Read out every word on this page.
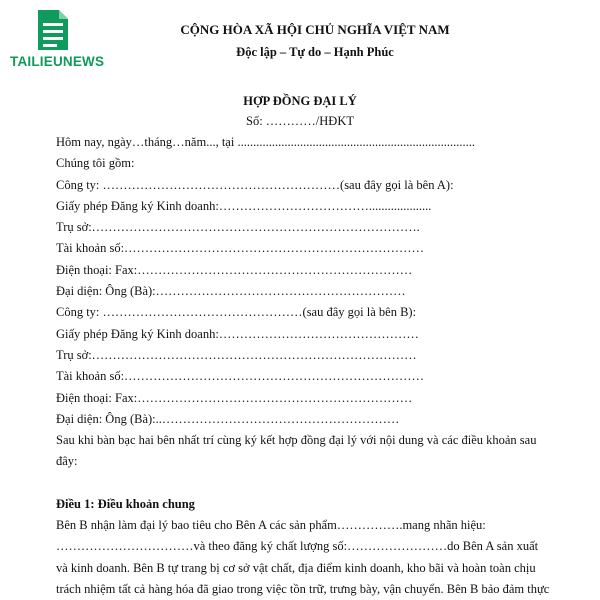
TAILIEUNEWS
CỘNG HÒA XÃ HỘI CHỦ NGHĨA VIỆT NAM
Độc lập – Tự do – Hạnh Phúc
HỢP ĐỒNG ĐẠI LÝ
Số: …………/HĐKT
Hôm nay, ngày…tháng…năm..., tại ............................................................................
Chúng tôi gồm:
Công ty: …………………………………………………(sau đây gọi là bên A):
Giấy phép Đăng ký Kinh doanh:………………………………....................
Trụ sở:…………………………………………………………………….
Tài khoản số:………………………………………………………………
Điện thoại: Fax:…………………………………………………………
Đại diện: Ông (Bà):……………………………………………………
Công ty: …………………………………………(sau đây gọi là bên B):
Giấy phép Đăng ký Kinh doanh:…………………………………………
Trụ sở:……………………………………………………………………
Tài khoản số:………………………………………………………………
Điện thoại: Fax:…………………………………………………………
Đại diện: Ông (Bà):..…………………………………………………
Sau khi bàn bạc hai bên nhất trí cùng ký kết hợp đồng đại lý với nội dung và các điều khoản sau
đây:
Điều 1: Điều khoản chung
Bên B nhận làm đại lý bao tiêu cho Bên A các sản phẩm…………….mang nhãn hiệu:
……………………………và theo đăng ký chất lượng số:……………………do Bên A sản xuất
và kinh doanh. Bên B tự trang bị cơ sở vật chất, địa điểm kinh doanh, kho bãi và hoàn toàn chịu
trách nhiệm tất cả hàng hóa đã giao trong việc tồn trữ, trưng bày, vận chuyển. Bên B bảo đảm thực
